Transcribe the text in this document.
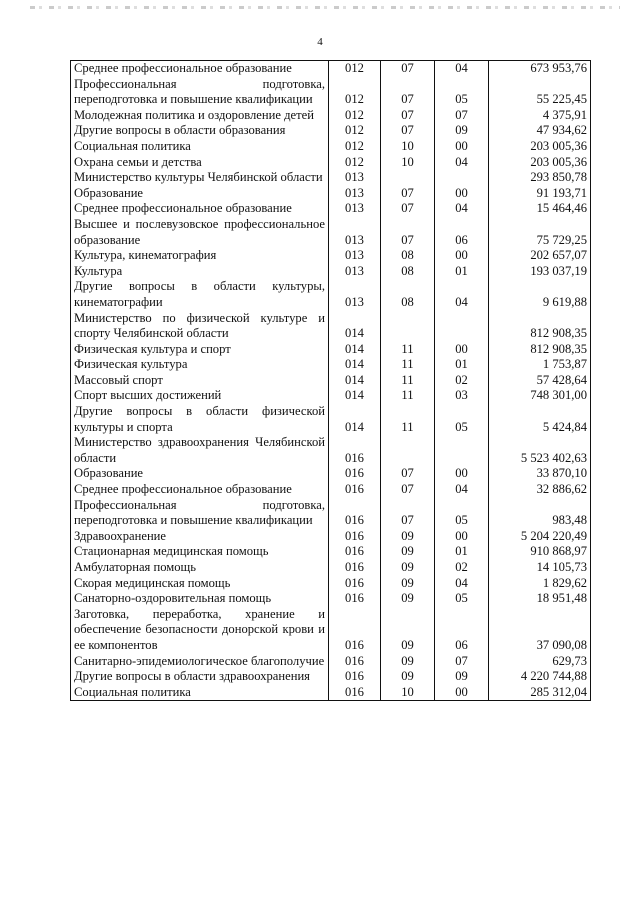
4
Среднее профессиональное образование	012	07	04	673 953,76
Профессиональная подготовка, переподготовка и повышение квалификации	012	07	05	55 225,45
Молодежная политика и оздоровление детей	012	07	07	4 375,91
Другие вопросы в области образования	012	07	09	47 934,62
Социальная политика	012	10	00	203 005,36
Охрана семьи и детства	012	10	04	203 005,36
Министерство культуры Челябинской области	013			293 850,78
Образование	013	07	00	91 193,71
Среднее профессиональное образование	013	07	04	15 464,46
Высшее и послевузовское профессиональное образование	013	07	06	75 729,25
Культура, кинематография	013	08	00	202 657,07
Культура	013	08	01	193 037,19
Другие вопросы в области культуры, кинематографии	013	08	04	9 619,88
Министерство по физической культуре и спорту Челябинской области	014			812 908,35
Физическая культура и спорт	014	11	00	812 908,35
Физическая культура	014	11	01	1 753,87
Массовый спорт	014	11	02	57 428,64
Спорт высших достижений	014	11	03	748 301,00
Другие вопросы в области физической культуры и спорта	014	11	05	5 424,84
Министерство здравоохранения Челябинской области	016			5 523 402,63
Образование	016	07	00	33 870,10
Среднее профессиональное образование	016	07	04	32 886,62
Профессиональная подготовка, переподготовка и повышение квалификации	016	07	05	983,48
Здравоохранение	016	09	00	5 204 220,49
Стационарная медицинская помощь	016	09	01	910 868,97
Амбулаторная помощь	016	09	02	14 105,73
Скорая медицинская помощь	016	09	04	1 829,62
Санаторно-оздоровительная помощь	016	09	05	18 951,48
Заготовка, переработка, хранение и обеспечение безопасности донорской крови и ее компонентов	016	09	06	37 090,08
Санитарно-эпидемиологическое благополучие	016	09	07	629,73
Другие вопросы в области здравоохранения	016	09	09	4 220 744,88
Социальная политика	016	10	00	285 312,04
